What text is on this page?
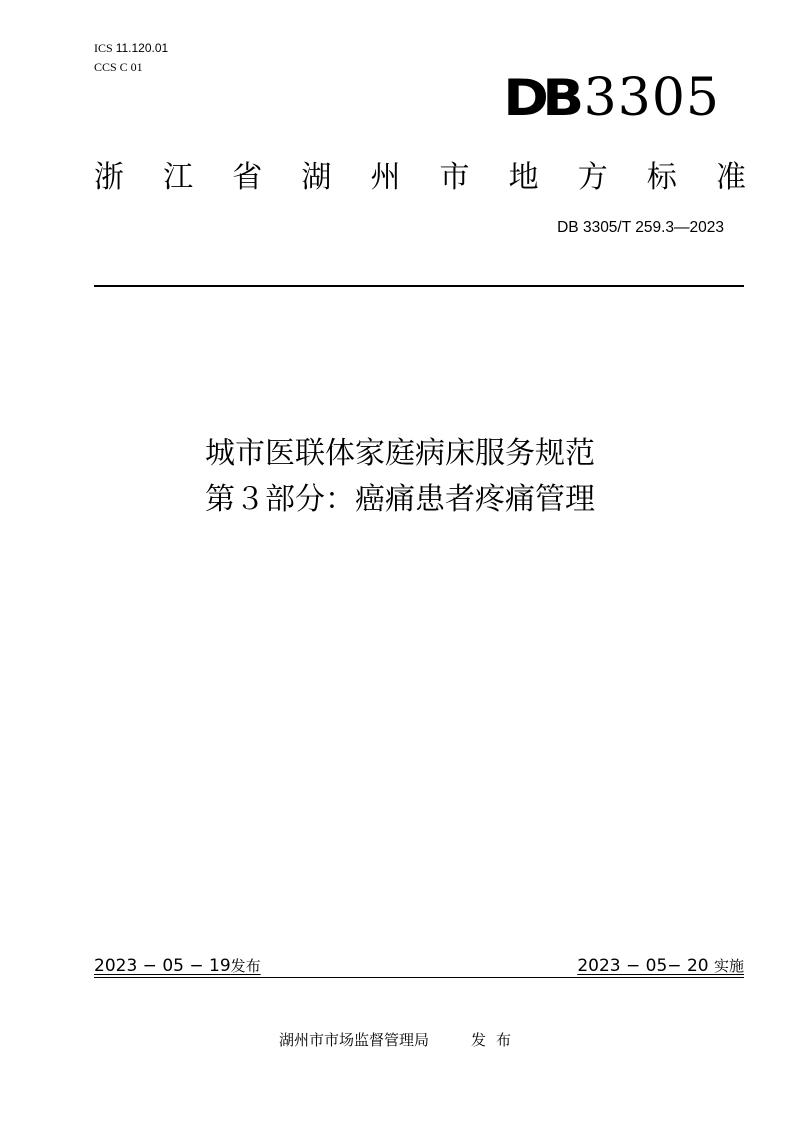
ICS 11.120.01
CCS C 01
DB 3305
浙 江 省 湖 州 市 地 方 标 准
DB 3305/T 259.3—2023
城市医联体家庭病床服务规范
第３部分：癌痛患者疼痛管理
2023 − 05 − 19发布	2023 − 05− 20 实施
湖州市市场监督管理局	发布
